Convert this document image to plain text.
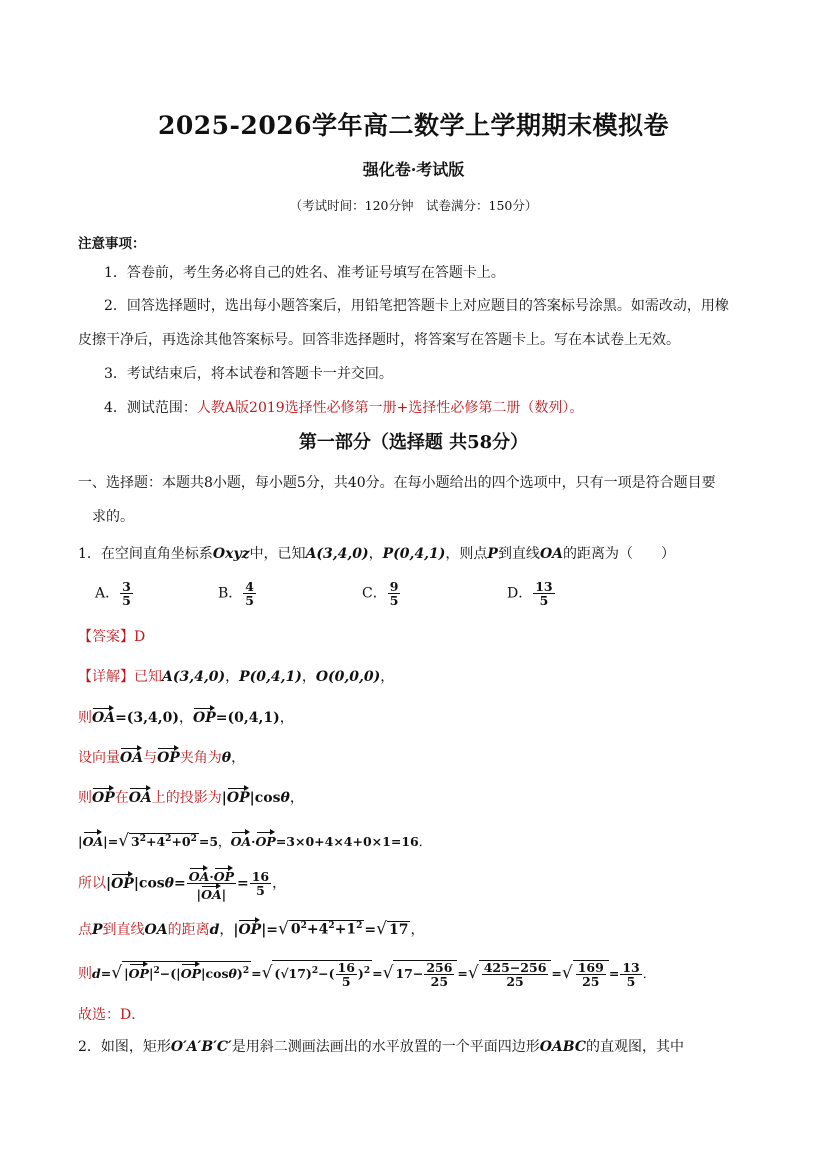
2025-2026学年高二数学上学期期末模拟卷
强化卷·考试版
（考试时间：120分钟　试卷满分：150分）
注意事项：
1．答卷前，考生务必将自己的姓名、准考证号填写在答题卡上。
2．回答选择题时，选出每小题答案后，用铅笔把答题卡上对应题目的答案标号涂黑。如需改动，用橡
皮擦干净后，再选涂其他答案标号。回答非选择题时，将答案写在答题卡上。写在本试卷上无效。
3．考试结束后，将本试卷和答题卡一并交回。
4．测试范围：人教A版2019选择性必修第一册+选择性必修第二册（数列）。
第一部分（选择题 共58分）
一、选择题：本题共8小题，每小题5分，共40分。在每小题给出的四个选项中，只有一项是符合题目要
求的。
1．在空间直角坐标系Oxyz中，已知A(3,4,0)，P(0,4,1)，则点P到直线OA的距离为（　　）
A． $\frac{3}{5}$	B． $\frac{4}{5}$	C． $\frac{9}{5}$	D． $\frac{13}{5}$
【答案】D
【详解】已知A(3,4,0)，P(0,4,1)，O(0,0,0)，
则OA=(3,4,0)，OP=(0,4,1)，
设向量OA与OP夹角为θ，
则OP在OA上的投影为|OP|cosθ，
|OA|=√ $3^2+4^2+0^2 =5$，OA·OP=3×0+4×4+0×1=16．
所以$|OP|\cos\theta= \frac{OA\cdot OP}{|OA|} = \frac{16}{5}$ ，
点P到直线OA的距离d，|OP|=√ $0^2+4^2+1^2$ =√ 17 ，
则d=√ $|OP|^2-(|OP|\cos\theta)^2$ =√ $(√17)^2-( \frac{16}{5} )^2$ =√ $17- \frac{256}{25}$ =√ $\frac{425-256}{25}$ =√ $\frac{169}{25} = \frac{13}{5}$ ．
故选：D．
2．如图，矩形O′A′B′C′是用斜二测画法画出的水平放置的一个平面四边形OABC的直观图，其中
